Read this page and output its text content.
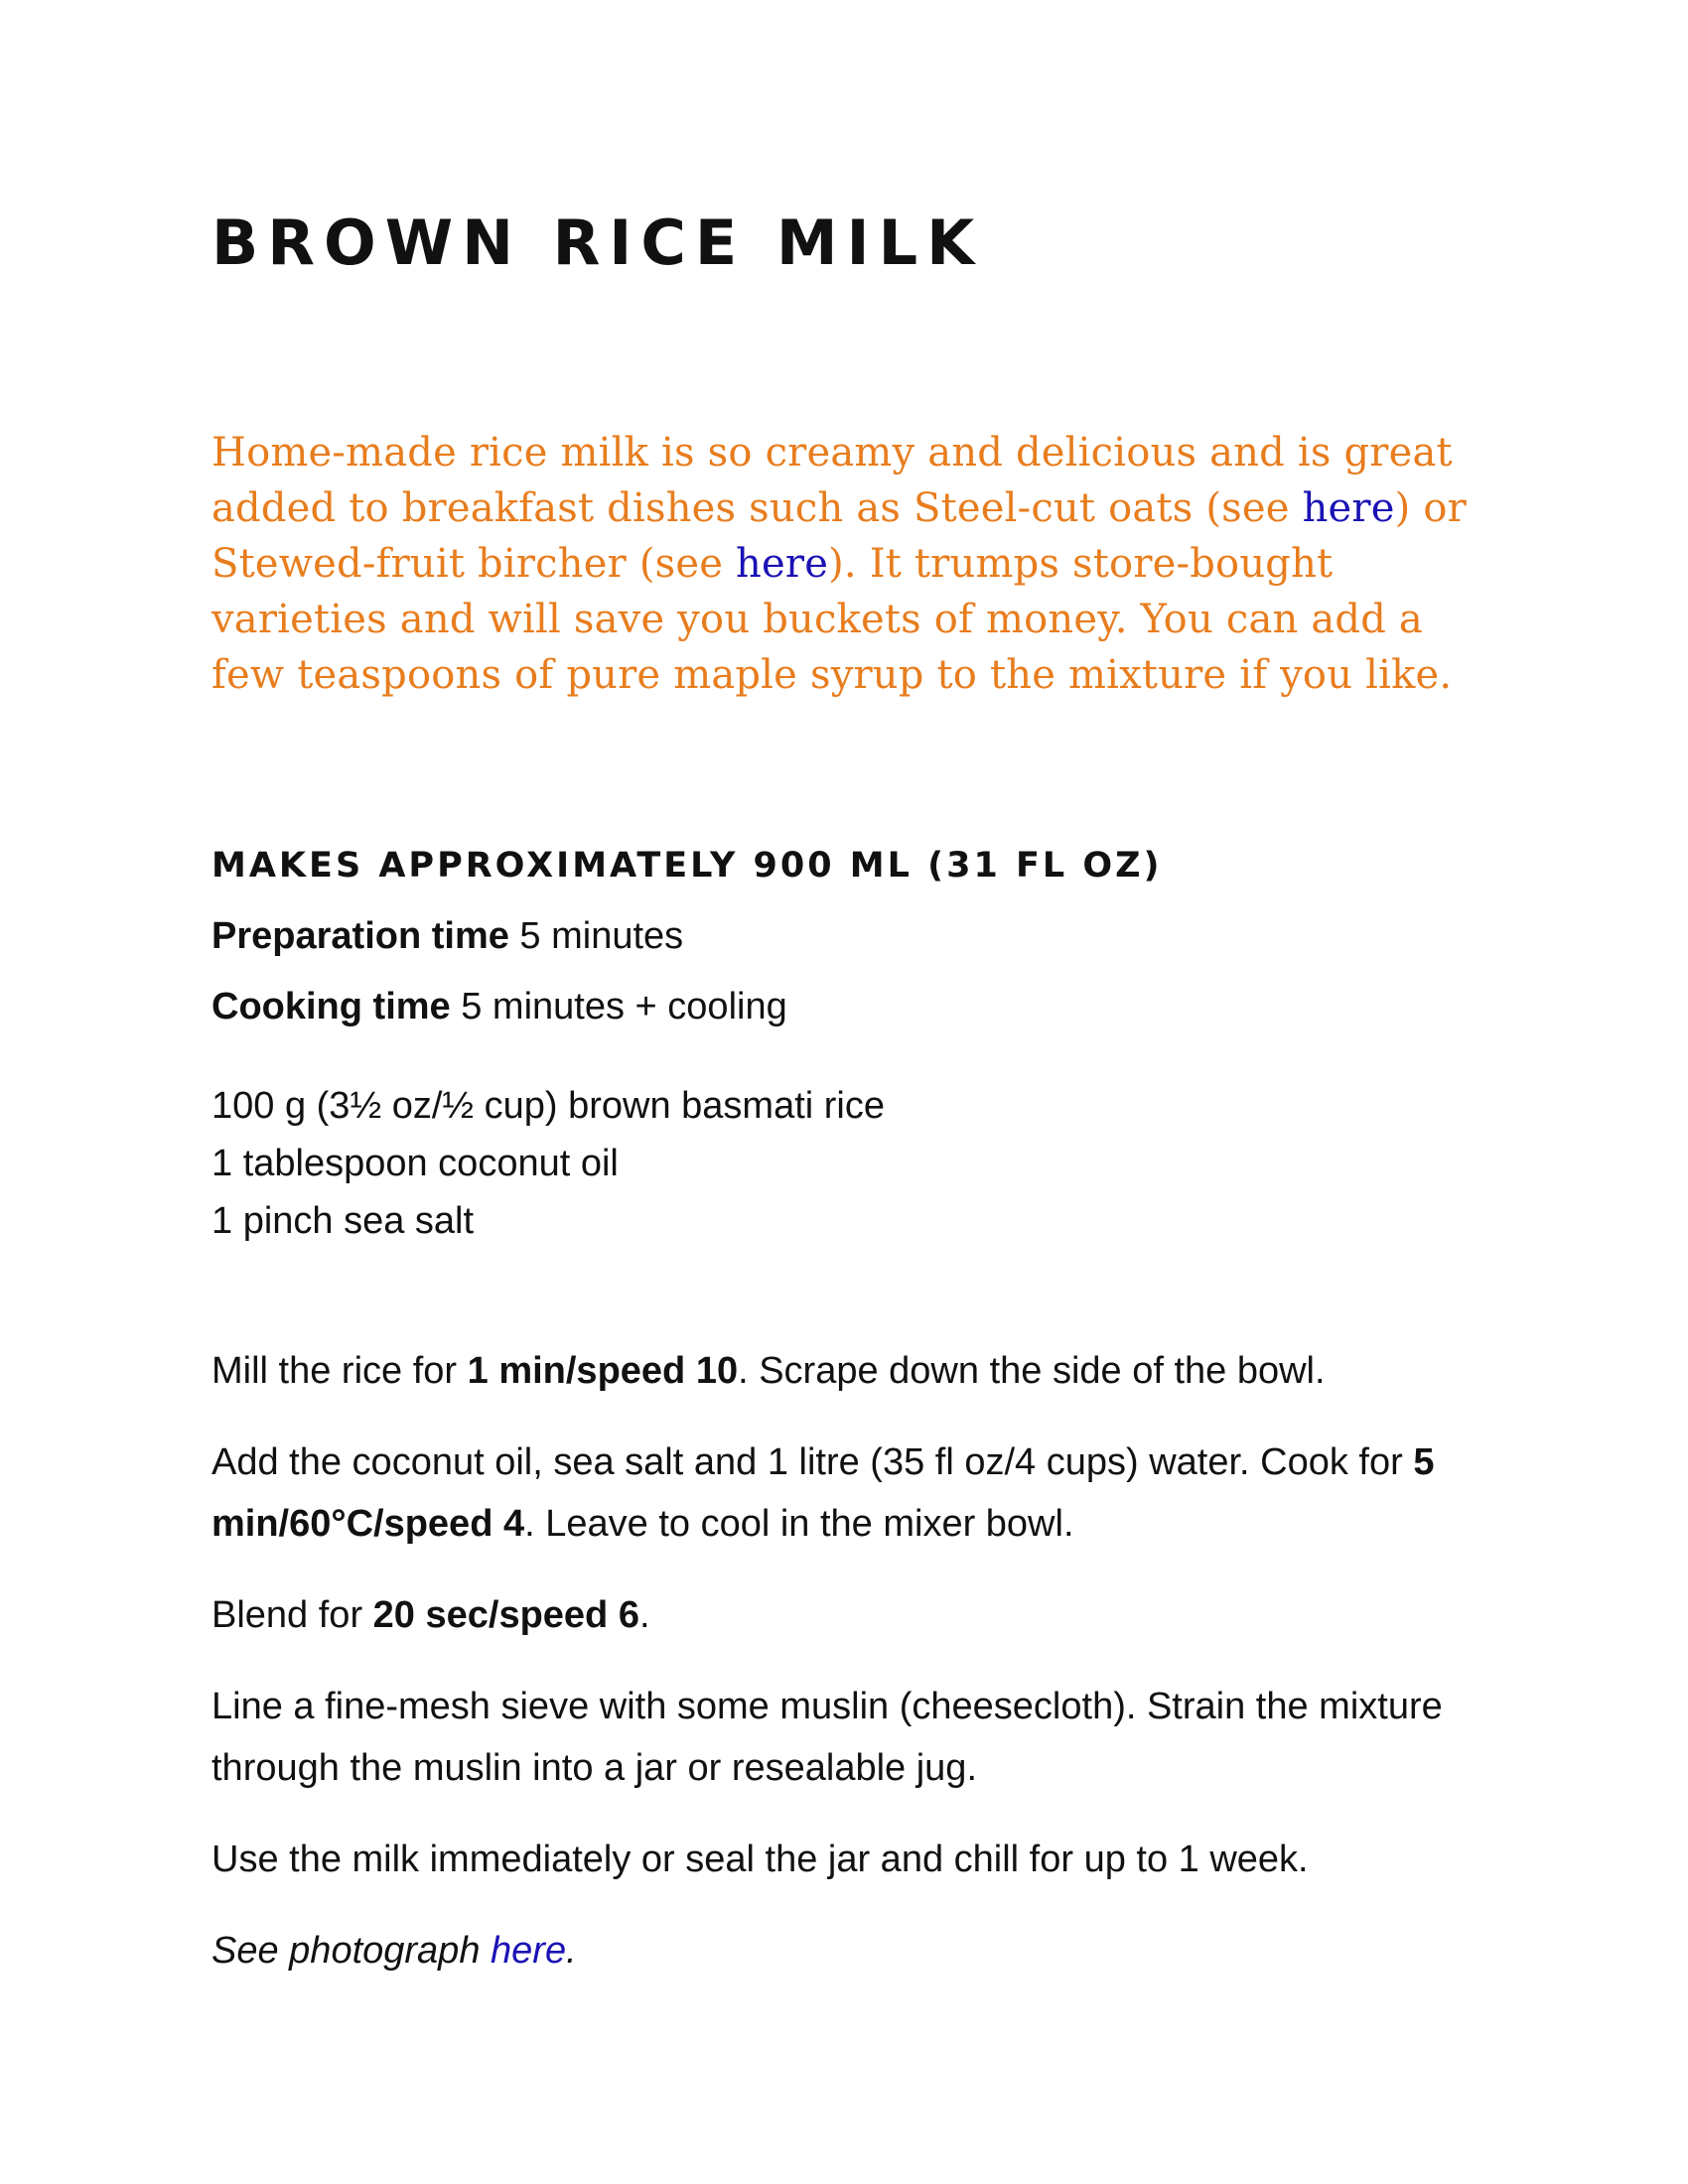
BROWN RICE MILK

Home-made rice milk is so creamy and delicious and is great added to breakfast dishes such as Steel-cut oats (see here) or Stewed-fruit bircher (see here). It trumps store-bought varieties and will save you buckets of money. You can add a few teaspoons of pure maple syrup to the mixture if you like.

MAKES APPROXIMATELY 900 ML (31 FL OZ)

Preparation time 5 minutes

Cooking time 5 minutes + cooling

100 g (3½ oz/½ cup) brown basmati rice
1 tablespoon coconut oil
1 pinch sea salt

Mill the rice for 1 min/speed 10. Scrape down the side of the bowl.

Add the coconut oil, sea salt and 1 litre (35 fl oz/4 cups) water. Cook for 5 min/60°C/speed 4. Leave to cool in the mixer bowl.

Blend for 20 sec/speed 6.

Line a fine-mesh sieve with some muslin (cheesecloth). Strain the mixture through the muslin into a jar or resealable jug.

Use the milk immediately or seal the jar and chill for up to 1 week.

See photograph here.
